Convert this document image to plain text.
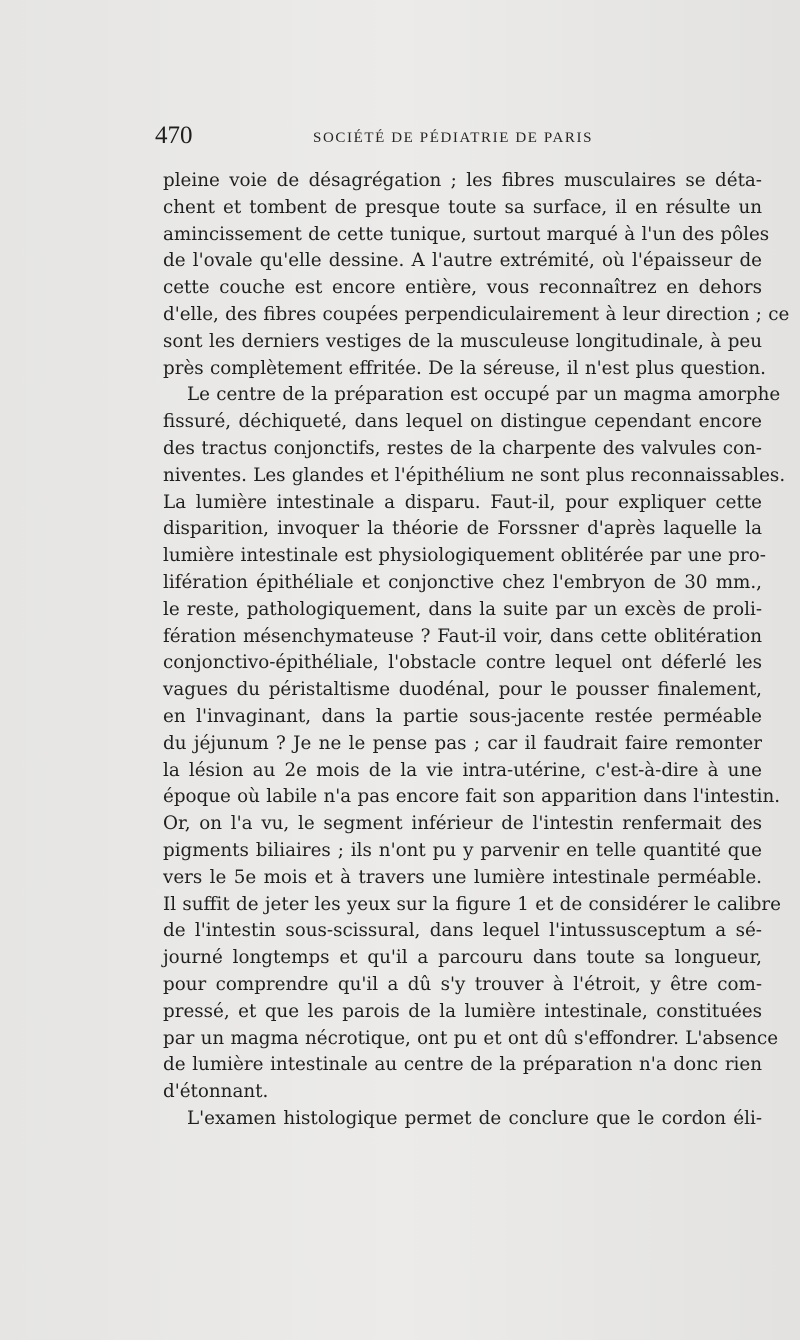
470	SOCIÉTÉ DE PÉDIATRIE DE PARIS
pleine voie de désagrégation ; les fibres musculaires se déta-
chent et tombent de presque toute sa surface, il en résulte un
amincissement de cette tunique, surtout marqué à l'un des pôles
de l'ovale qu'elle dessine. A l'autre extrémité, où l'épaisseur de
cette couche est encore entière, vous reconnaîtrez en dehors
d'elle, des fibres coupées perpendiculairement à leur direction ; ce
sont les derniers vestiges de la musculeuse longitudinale, à peu
près complètement effritée. De la séreuse, il n'est plus question.
Le centre de la préparation est occupé par un magma amorphe
fissuré, déchiqueté, dans lequel on distingue cependant encore
des tractus conjonctifs, restes de la charpente des valvules con-
niventes. Les glandes et l'épithélium ne sont plus reconnaissables.
La lumière intestinale a disparu. Faut-il, pour expliquer cette
disparition, invoquer la théorie de Forssner d'après laquelle la
lumière intestinale est physiologiquement oblitérée par une pro-
lifération épithéliale et conjonctive chez l'embryon de 30 mm.,
le reste, pathologiquement, dans la suite par un excès de proli-
fération mésenchymateuse ? Faut-il voir, dans cette oblitération
conjonctivo-épithéliale, l'obstacle contre lequel ont déferlé les
vagues du péristaltisme duodénal, pour le pousser finalement,
en l'invaginant, dans la partie sous-jacente restée perméable
du jéjunum ? Je ne le pense pas ; car il faudrait faire remonter
la lésion au 2e mois de la vie intra-utérine, c'est-à-dire à une
époque où labile n'a pas encore fait son apparition dans l'intestin.
Or, on l'a vu, le segment inférieur de l'intestin renfermait des
pigments biliaires ; ils n'ont pu y parvenir en telle quantité que
vers le 5e mois et à travers une lumière intestinale perméable.
Il suffit de jeter les yeux sur la figure 1 et de considérer le calibre
de l'intestin sous-scissural, dans lequel l'intussusceptum a sé-
journé longtemps et qu'il a parcouru dans toute sa longueur,
pour comprendre qu'il a dû s'y trouver à l'étroit, y être com-
pressé, et que les parois de la lumière intestinale, constituées
par un magma nécrotique, ont pu et ont dû s'effondrer. L'absence
de lumière intestinale au centre de la préparation n'a donc rien
d'étonnant.
L'examen histologique permet de conclure que le cordon éli-
